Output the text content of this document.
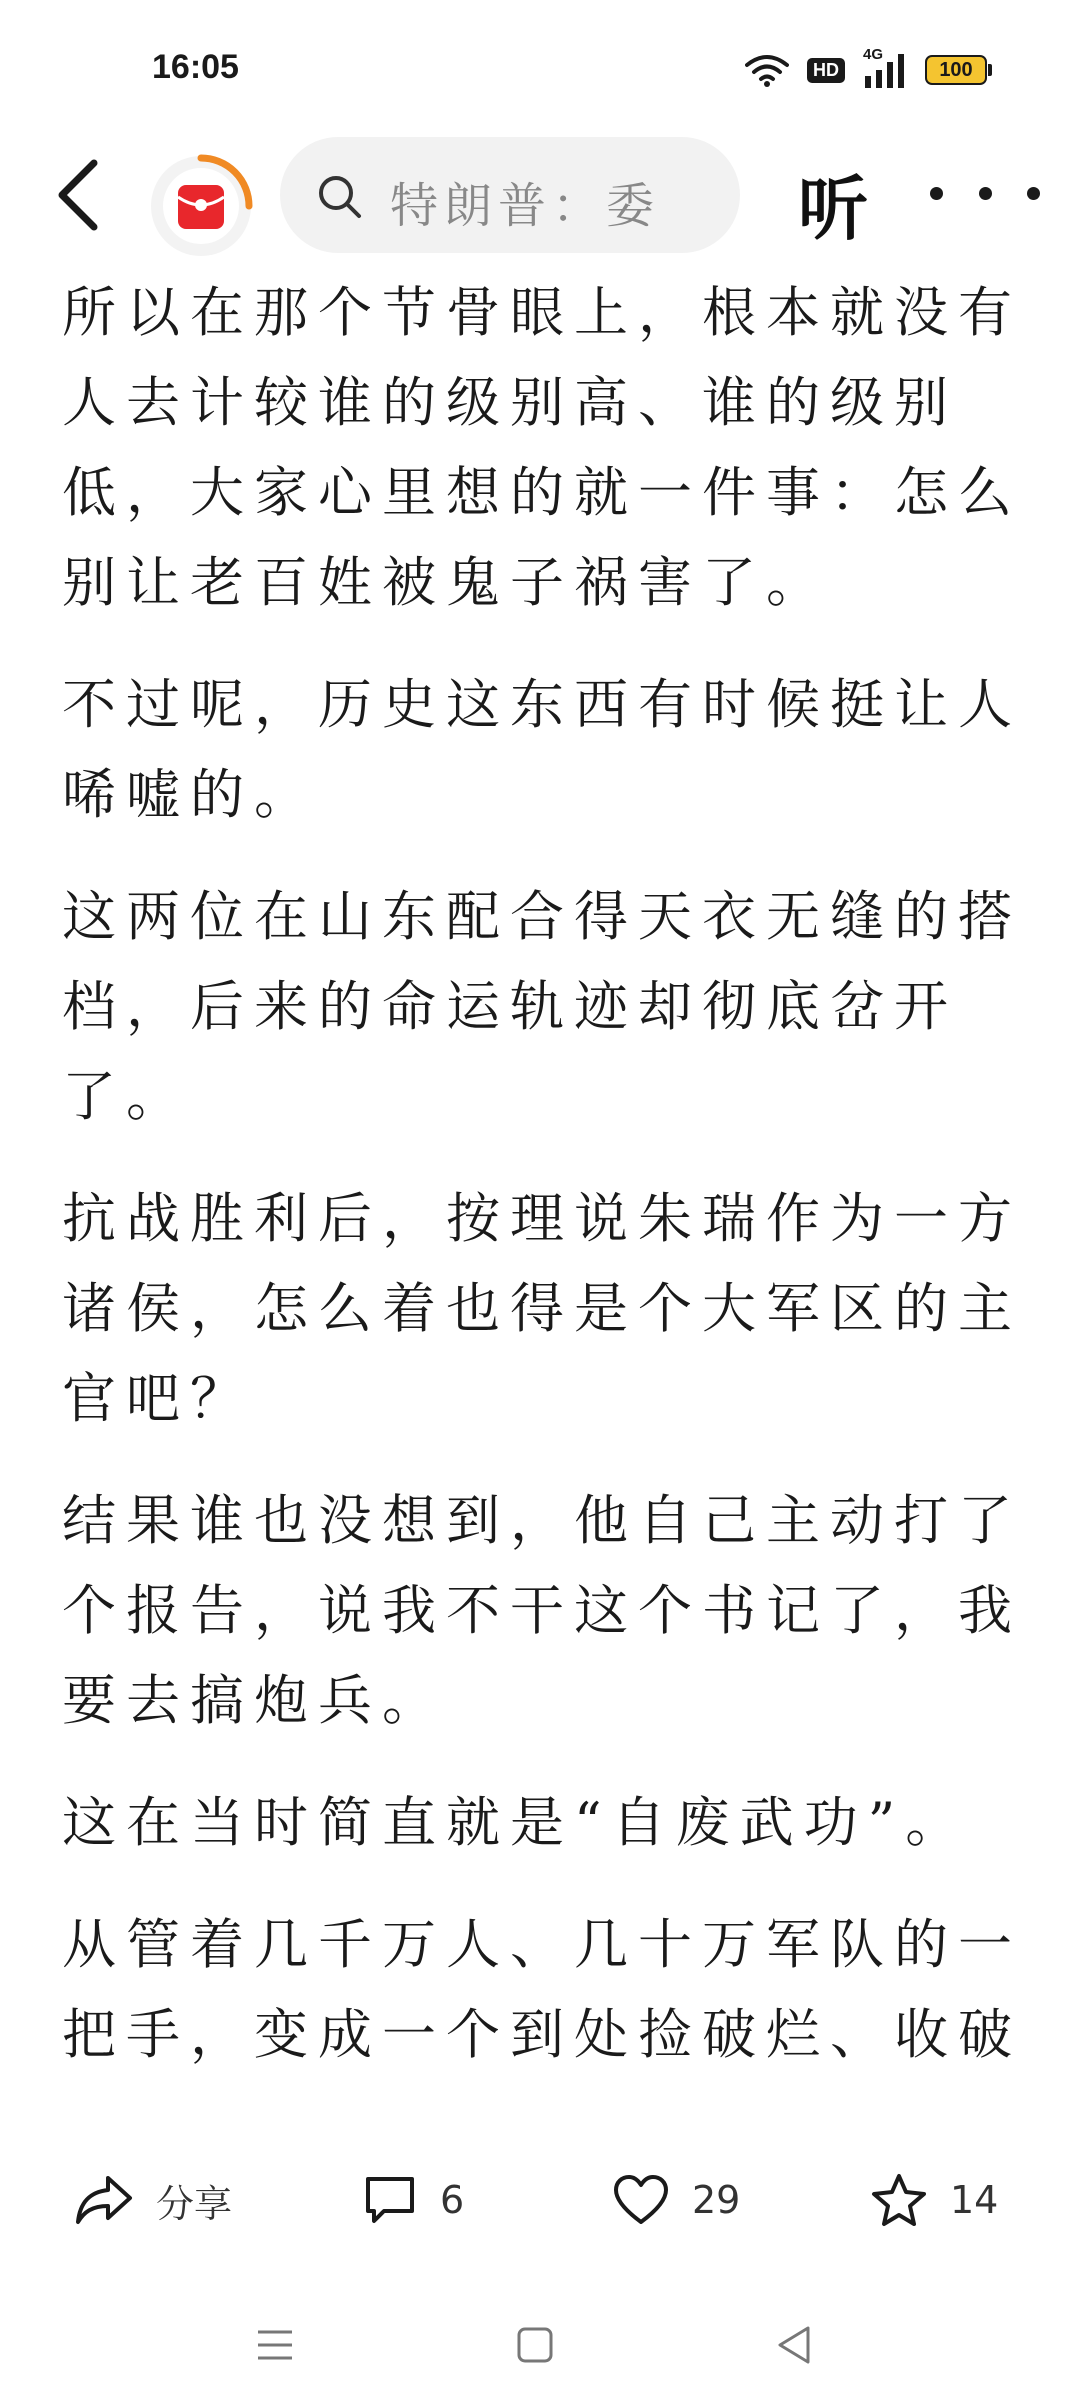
16:05	HD
4G
100
特朗普：委	听

所以在那个节骨眼上，根本就没有人去计较谁的级别高、谁的级别低，大家心里想的就一件事：怎么别让老百姓被鬼子祸害了。

不过呢，历史这东西有时候挺让人唏嘘的。

这两位在山东配合得天衣无缝的搭档，后来的命运轨迹却彻底岔开了。

抗战胜利后，按理说朱瑞作为一方诸侯，怎么着也得是个大军区的主官吧？

结果谁也没想到，他自己主动打了个报告，说我不干这个书记了，我要去搞炮兵。

这在当时简直就是“自废武功”。

从管着几千万人、几十万军队的一把手，变成一个到处捡破烂、收破

分享	6	29	14
